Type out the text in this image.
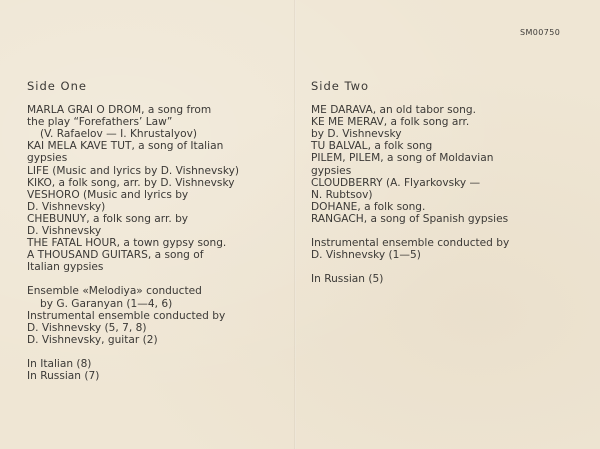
SM00750
Side One
MARLA GRAI O DROM, a song from
the play “Forefathers’ Law”
(V. Rafaelov — I. Khrustalyov)
KAI MELA KAVE TUT, a song of Italian
gypsies
LIFE (Music and lyrics by D. Vishnevsky)
KIKO, a folk song, arr. by D. Vishnevsky
VESHORO (Music and lyrics by
D. Vishnevsky)
CHEBUNUY, a folk song arr. by
D. Vishnevsky
THE FATAL HOUR, a town gypsy song.
A THOUSAND GUITARS, a song of
Italian gypsies
Ensemble «Melodiya» conducted
by G. Garanyan (1—4, 6)
Instrumental ensemble conducted by
D. Vishnevsky (5, 7, 8)
D. Vishnevsky, guitar (2)
In Italian (8)
In Russian (7)
Side Two
ME DARAVA, an old tabor song.
KE ME MERAV, a folk song arr.
by D. Vishnevsky
TU BALVAL, a folk song
PILEM, PILEM, a song of Moldavian
gypsies
CLOUDBERRY (A. Flyarkovsky —
N. Rubtsov)
DOHANE, a folk song.
RANGACH, a song of Spanish gypsies
Instrumental ensemble conducted by
D. Vishnevsky (1—5)
In Russian (5)
